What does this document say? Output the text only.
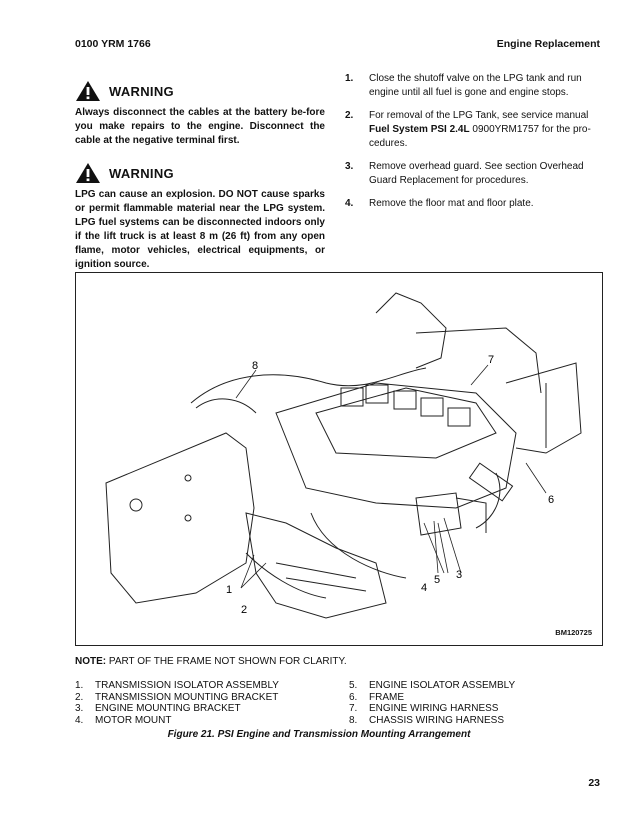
0100 YRM 1766	Engine Replacement
WARNING

Always disconnect the cables at the battery be-fore you make repairs to the engine. Disconnect the cable at the negative terminal first.

WARNING

LPG can cause an explosion. DO NOT cause sparks or permit flammable material near the LPG system. LPG fuel systems can be disconnected indoors only if the lift truck is at least 8 m (26 ft) from any open flame, motor vehicles, electrical equipments, or ignition source.

1.	Close the shutoff valve on the LPG tank and run engine until all fuel is gone and engine stops.
2.	For removal of the LPG Tank, see service manual Fuel System PSI 2.4L 0900YRM1757 for the pro-cedures.
3.	Remove overhead guard. See section Overhead Guard Replacement for procedures.
4.	Remove the floor mat and floor plate.
8	7
6
5
4
3
2
1
BM120725
NOTE: PART OF THE FRAME NOT SHOWN FOR CLARITY.
1.	TRANSMISSION ISOLATOR ASSEMBLY
2.	TRANSMISSION MOUNTING BRACKET
3.	ENGINE MOUNTING BRACKET
4.	MOTOR MOUNT
5.	ENGINE ISOLATOR ASSEMBLY
6.	FRAME
7.	ENGINE WIRING HARNESS
8.	CHASSIS WIRING HARNESS
Figure 21. PSI Engine and Transmission Mounting Arrangement
23
